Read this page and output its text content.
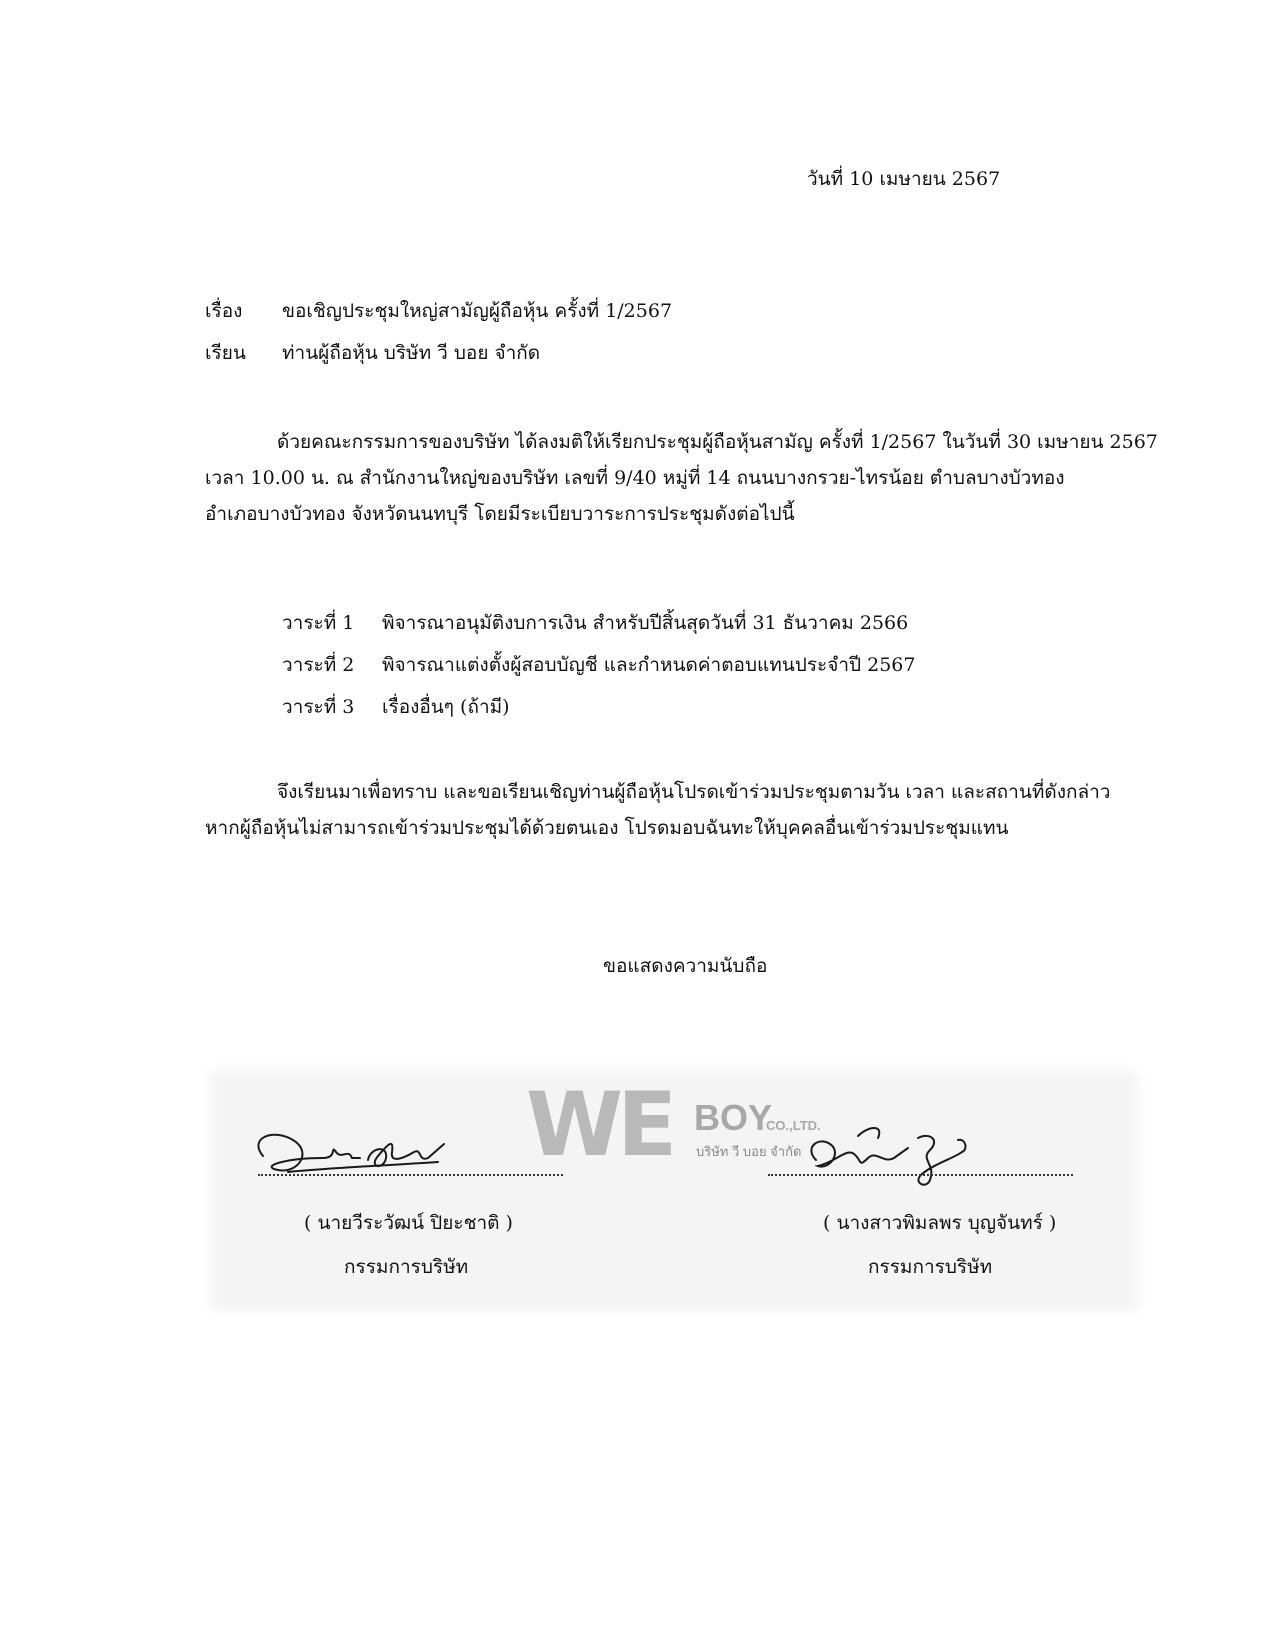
วันที่ 10 เมษายน 2567
เรื่อง ขอเชิญประชุมใหญ่สามัญผู้ถือหุ้น ครั้งที่ 1/2567
เรียน ท่านผู้ถือหุ้น บริษัท วี บอย จำกัด
ด้วยคณะกรรมการของบริษัท ได้ลงมติให้เรียกประชุมผู้ถือหุ้นสามัญ ครั้งที่ 1/2567 ในวันที่ 30 เมษายน 2567
เวลา 10.00 น. ณ สำนักงานใหญ่ของบริษัท เลขที่ 9/40 หมู่ที่ 14 ถนนบางกรวย-ไทรน้อย ตำบลบางบัวทอง
อำเภอบางบัวทอง จังหวัดนนทบุรี โดยมีระเบียบวาระการประชุมดังต่อไปนี้
วาระที่ 1	พิจารณาอนุมัติงบการเงิน สำหรับปีสิ้นสุดวันที่ 31 ธันวาคม 2566
วาระที่ 2	พิจารณาแต่งตั้งผู้สอบบัญชี และกำหนดค่าตอบแทนประจำปี 2567
วาระที่ 3	เรื่องอื่นๆ (ถ้ามี)
จึงเรียนมาเพื่อทราบ และขอเรียนเชิญท่านผู้ถือหุ้นโปรดเข้าร่วมประชุมตามวัน เวลา และสถานที่ดังกล่าว
หากผู้ถือหุ้นไม่สามารถเข้าร่วมประชุมได้ด้วยตนเอง โปรดมอบฉันทะให้บุคคลอื่นเข้าร่วมประชุมแทน
ขอแสดงความนับถือ
WE BOY
CO.,LTD.
บริษัท วี บอย จำกัด
( นายวีระวัฒน์ ปิยะชาติ )
กรรมการบริษัท
( นางสาวพิมลพร บุญจันทร์ )
กรรมการบริษัท
